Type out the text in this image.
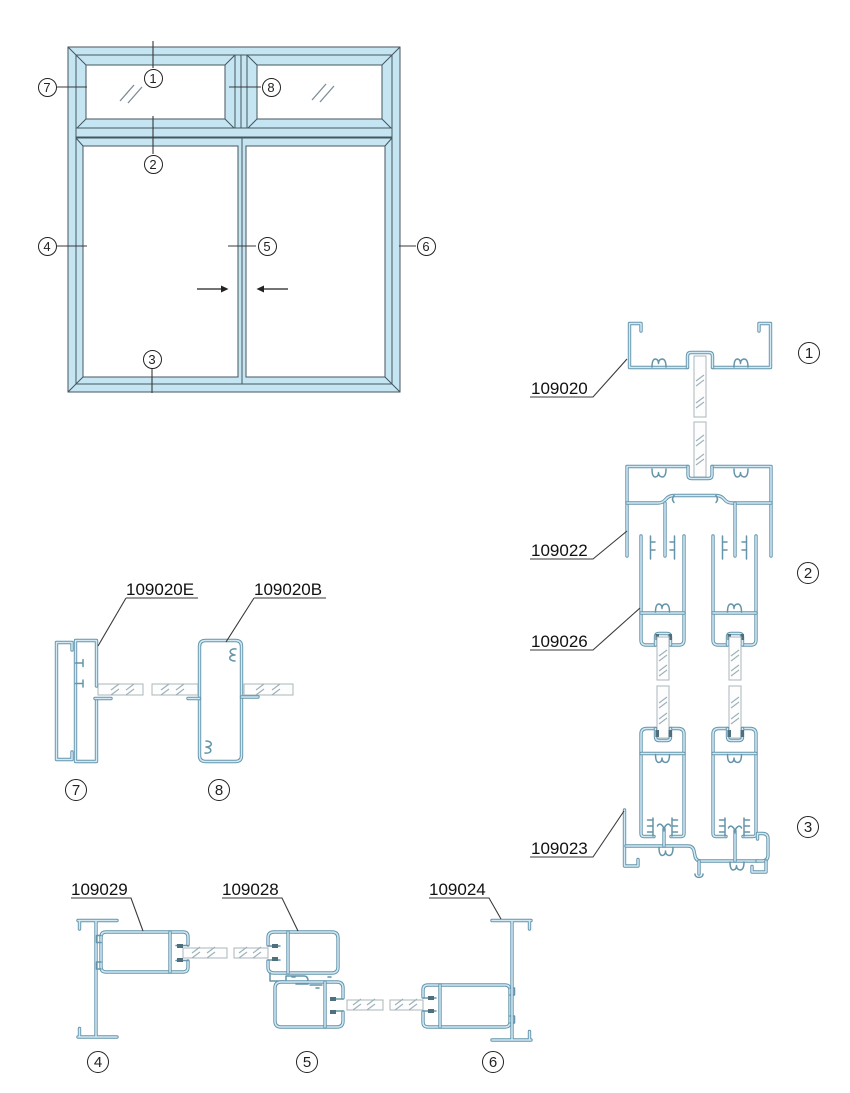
109020
109022
109026
109023
109020E	109020B
109029	109028	109024
1
2
3
4	5	6
7	8
1
2
3
7	8
4	5	6
